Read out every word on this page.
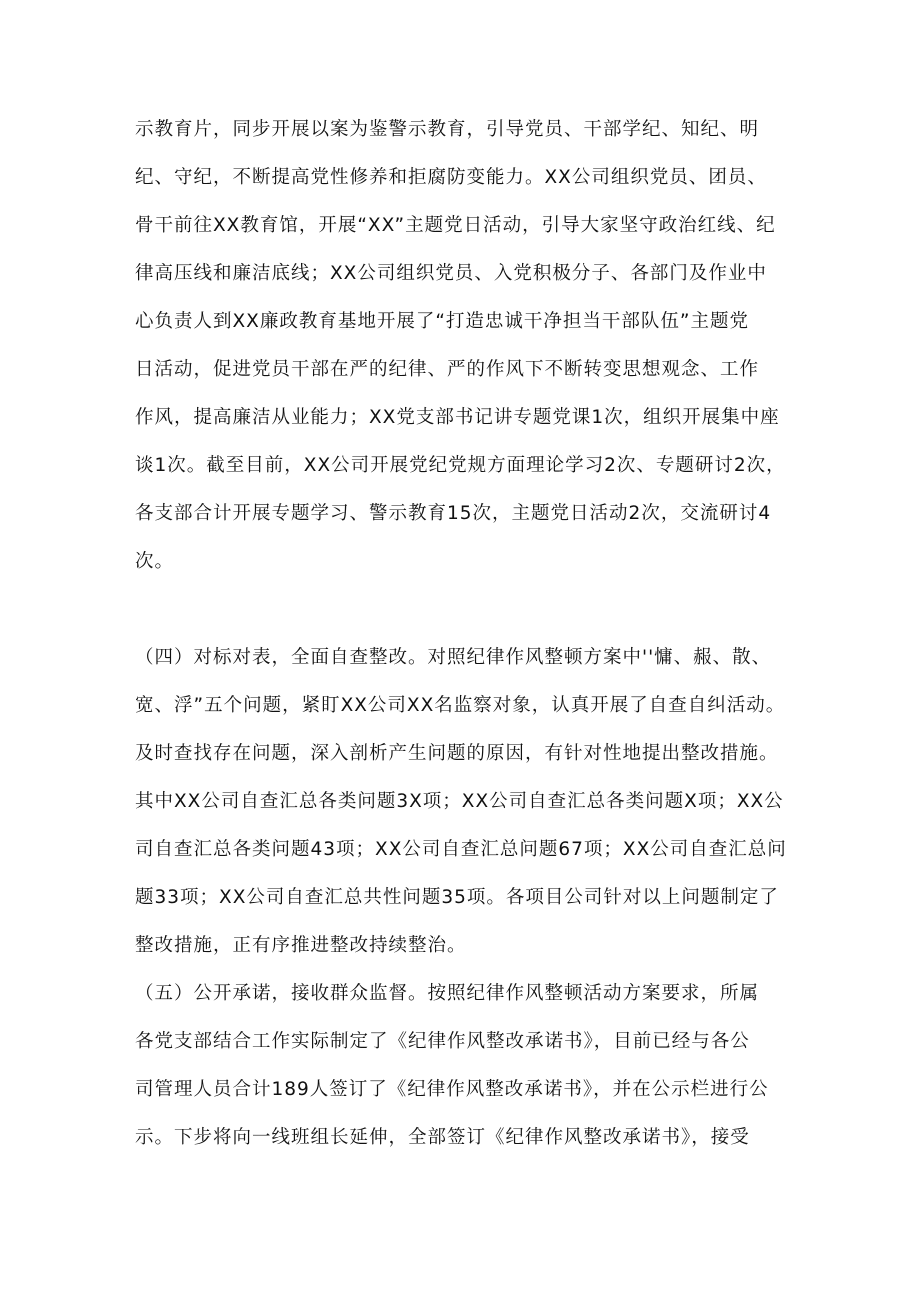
示教育片，同步开展以案为鉴警示教育，引导党员、干部学纪、知纪、明
纪、守纪，不断提高党性修养和拒腐防变能力。XX公司组织党员、团员、
骨干前往XX教育馆，开展“XX”主题党日活动，引导大家坚守政治红线、纪
律高压线和廉洁底线；XX公司组织党员、入党积极分子、各部门及作业中
心负责人到XX廉政教育基地开展了“打造忠诚干净担当干部队伍”主题党
日活动，促进党员干部在严的纪律、严的作风下不断转变思想观念、工作
作风，提高廉洁从业能力；XX党支部书记讲专题党课1次，组织开展集中座
谈1次。截至目前，XX公司开展党纪党规方面理论学习2次、专题研讨2次，
各支部合计开展专题学习、警示教育15次，主题党日活动2次，交流研讨4
次。
（四）对标对表，全面自查整改。对照纪律作风整顿方案中''慵、赧、散、
宽、浮”五个问题，紧盯XX公司XX名监察对象，认真开展了自查自纠活动。
及时查找存在问题，深入剖析产生问题的原因，有针对性地提出整改措施。
其中XX公司自查汇总各类问题3X项；XX公司自查汇总各类问题X项；XX公
司自查汇总各类问题43项；XX公司自查汇总问题67项；XX公司自查汇总问
题33项；XX公司自查汇总共性问题35项。各项目公司针对以上问题制定了
整改措施，正有序推进整改持续整治。
（五）公开承诺，接收群众监督。按照纪律作风整顿活动方案要求，所属
各党支部结合工作实际制定了《纪律作风整改承诺书》，目前已经与各公
司管理人员合计189人签订了《纪律作风整改承诺书》，并在公示栏进行公
示。下步将向一线班组长延伸，全部签订《纪律作风整改承诺书》，接受
